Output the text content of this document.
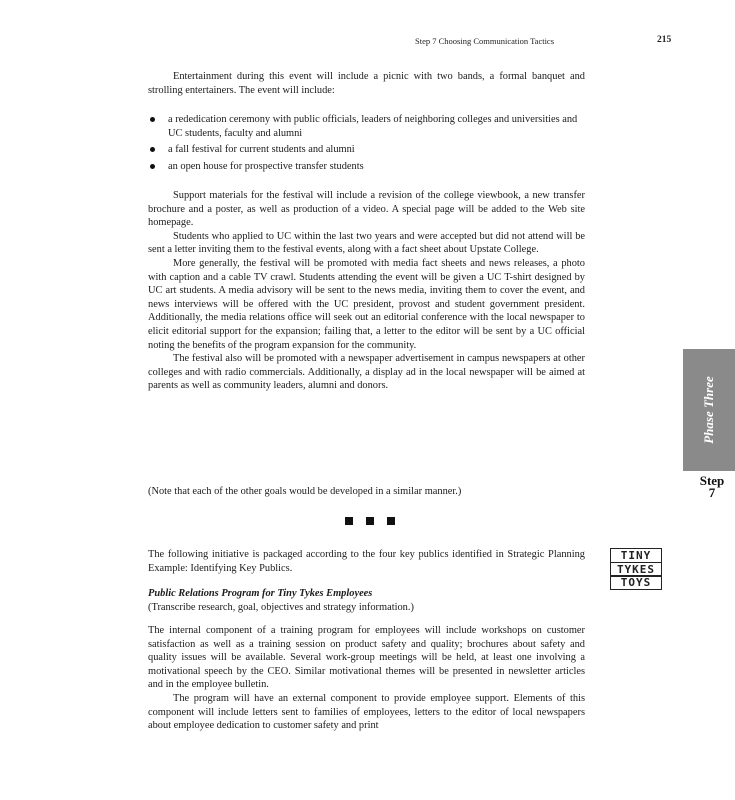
Step 7 Choosing Communication Tactics	215

Entertainment during this event will include a picnic with two bands, a formal banquet and strolling entertainers. The event will include:

a rededication ceremony with public officials, leaders of neighboring colleges and universities and UC students, faculty and alumni
a fall festival for current students and alumni
an open house for prospective transfer students

Support materials for the festival will include a revision of the college viewbook, a new transfer brochure and a poster, as well as production of a video. A special page will be added to the Web site homepage.

Students who applied to UC within the last two years and were accepted but did not attend will be sent a letter inviting them to the festival events, along with a fact sheet about Upstate College.

More generally, the festival will be promoted with media fact sheets and news releases, a photo with caption and a cable TV crawl. Students attending the event will be given a UC T-shirt designed by UC art students. A media advisory will be sent to the news media, inviting them to cover the event, and news interviews will be offered with the UC president, provost and student government president. Additionally, the media relations office will seek out an editorial conference with the local newspaper to elicit editorial support for the expansion; failing that, a letter to the editor will be sent by a UC official noting the benefits of the program expansion for the community.

The festival also will be promoted with a newspaper advertisement in campus newspapers at other colleges and with radio commercials. Additionally, a display ad in the local newspaper will be aimed at parents as well as community leaders, alumni and donors.

(Note that each of the other goals would be developed in a similar manner.)

The following initiative is packaged according to the four key publics identified in Strategic Planning Example: Identifying Key Publics.

Public Relations Program for Tiny Tykes Employees

(Transcribe research, goal, objectives and strategy information.)

The internal component of a training program for employees will include workshops on customer satisfaction as well as a training session on product safety and quality; brochures about safety and quality issues will be available. Several work-group meetings will be held, at least one involving a motivational speech by the CEO. Similar motivational themes will be presented in newsletter articles and in the employee bulletin.

The program will have an external component to provide employee support. Elements of this component will include letters sent to families of employees, letters to the editor of local newspapers about employee dedication to customer safety and print

Phase Three
Step
7
TINY
TYKES
TOYS
